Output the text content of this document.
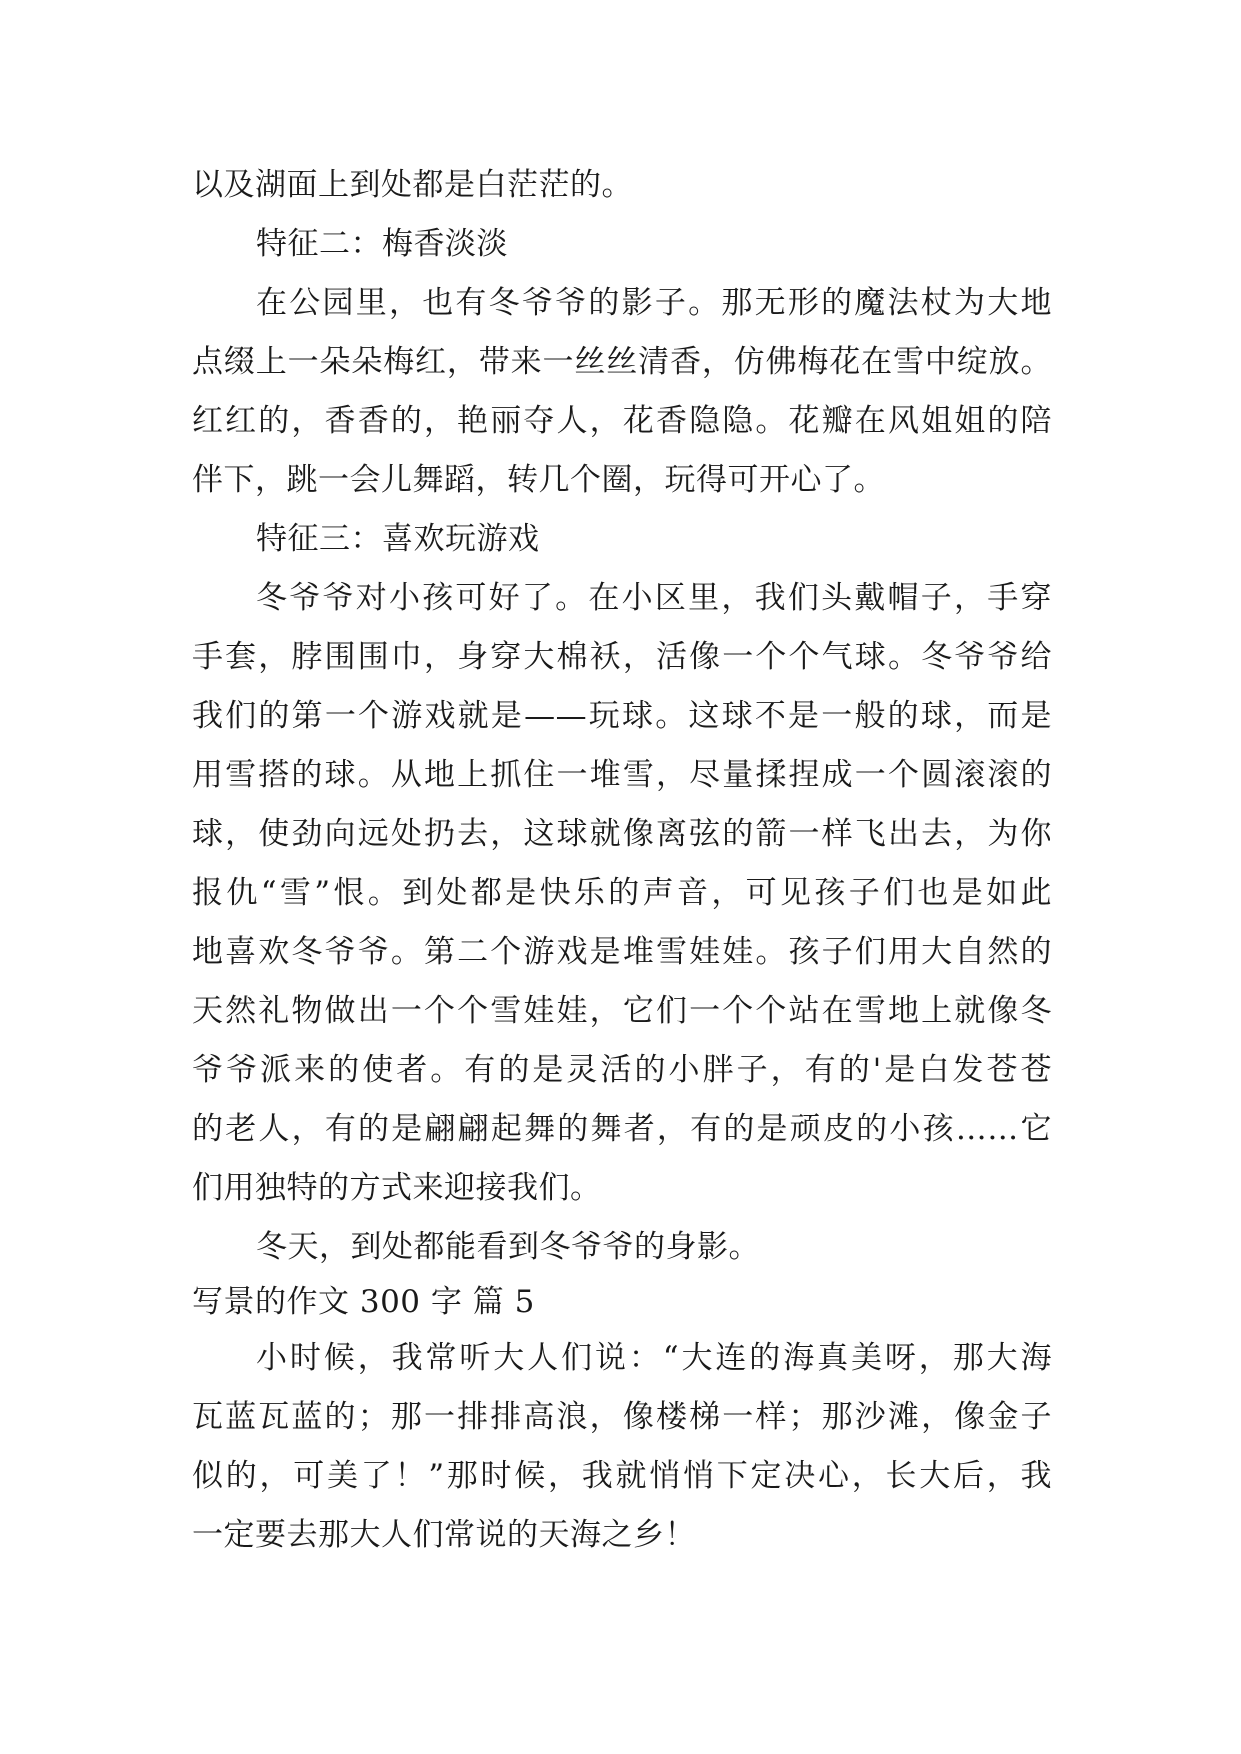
以及湖面上到处都是白茫茫的。
特征二：梅香淡淡
在公园里，也有冬爷爷的影子。那无形的魔法杖为大地
点缀上一朵朵梅红，带来一丝丝清香，仿佛梅花在雪中绽放。
红红的，香香的，艳丽夺人，花香隐隐。花瓣在风姐姐的陪
伴下，跳一会儿舞蹈，转几个圈，玩得可开心了。
特征三：喜欢玩游戏
冬爷爷对小孩可好了。在小区里，我们头戴帽子，手穿
手套，脖围围巾，身穿大棉袄，活像一个个气球。冬爷爷给
我们的第一个游戏就是——玩球。这球不是一般的球，而是
用雪搭的球。从地上抓住一堆雪，尽量揉捏成一个圆滚滚的
球，使劲向远处扔去，这球就像离弦的箭一样飞出去，为你
报仇“雪”恨。到处都是快乐的声音，可见孩子们也是如此
地喜欢冬爷爷。第二个游戏是堆雪娃娃。孩子们用大自然的
天然礼物做出一个个雪娃娃，它们一个个站在雪地上就像冬
爷爷派来的使者。有的是灵活的小胖子，有的'是白发苍苍
的老人，有的是翩翩起舞的舞者，有的是顽皮的小孩……它
们用独特的方式来迎接我们。
冬天，到处都能看到冬爷爷的身影。
写景的作文 300 字 篇 5
小时候，我常听大人们说：“大连的海真美呀，那大海
瓦蓝瓦蓝的；那一排排高浪，像楼梯一样；那沙滩，像金子
似的，可美了！”那时候，我就悄悄下定决心，长大后，我
一定要去那大人们常说的天海之乡！
